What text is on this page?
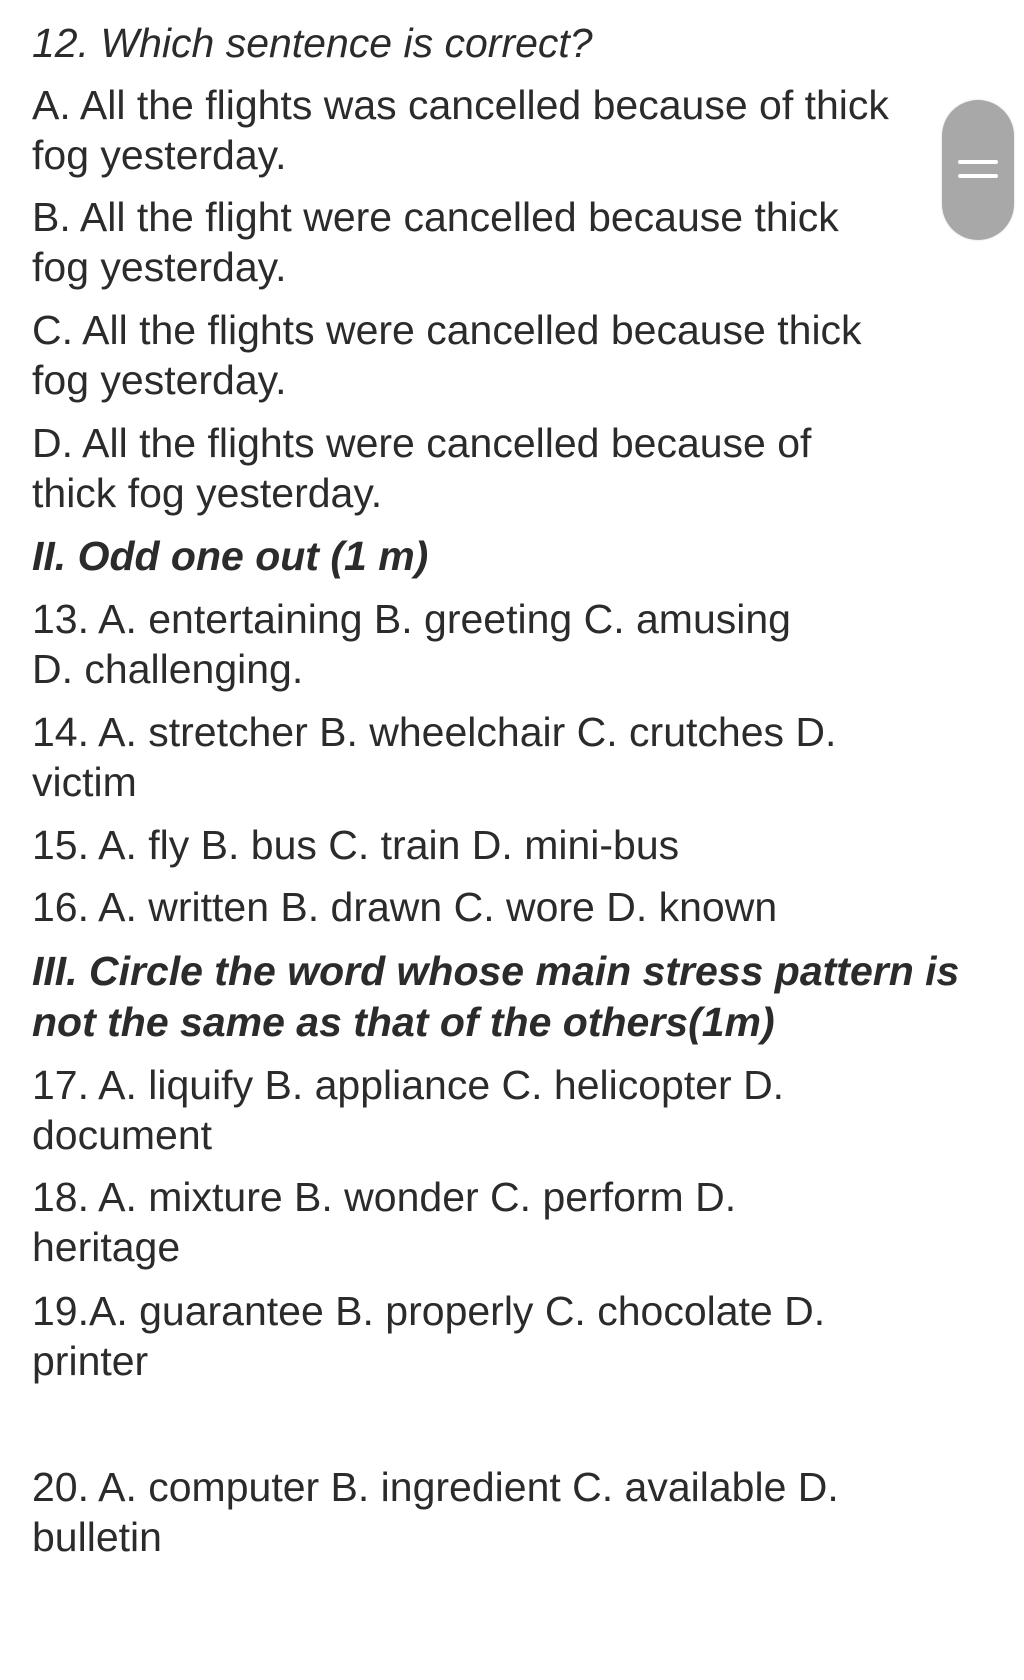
12. Which sentence is correct?
A. All the flights was cancelled because of thick
fog yesterday.
B. All the flight were cancelled because thick
fog yesterday.
C. All the flights were cancelled because thick
fog yesterday.
D. All the flights were cancelled because of
thick fog yesterday.
II. Odd one out (1 m)
13. A. entertaining B. greeting C. amusing
D. challenging.
14. A. stretcher B. wheelchair C. crutches D.
victim
15. A. fly B. bus C. train D. mini-bus
16. A. written B. drawn C. wore D. known
III. Circle the word whose main stress pattern is
not the same as that of the others(1m)
17. A. liquify B. appliance C. helicopter D.
document
18. A. mixture B. wonder C. perform D.
heritage
19.A. guarantee B. properly C. chocolate D.
printer
20. A. computer B. ingredient C. available D.
bulletin
